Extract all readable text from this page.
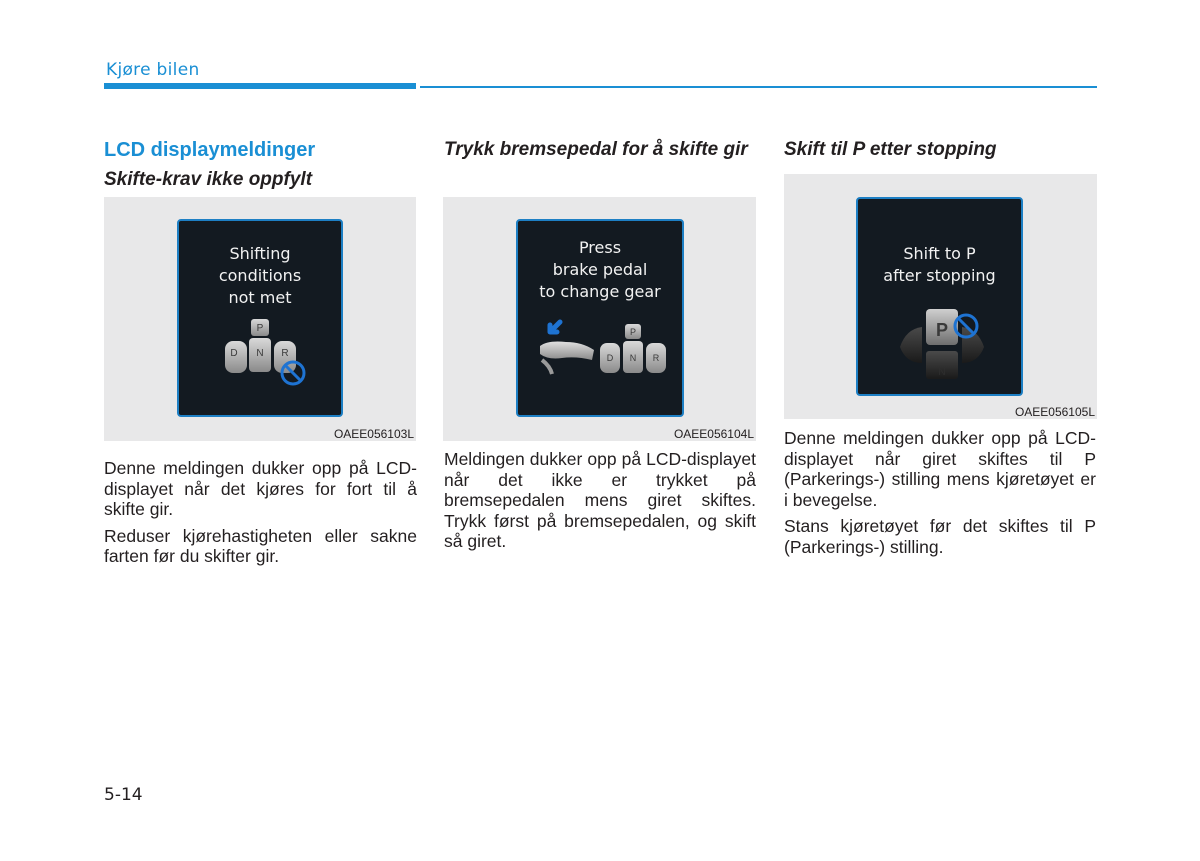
Kjøre bilen
LCD displaymeldinger
Skifte-krav ikke oppfylt
Shifting
conditions
not met
P
D N R
OAEE056103L

Denne meldingen dukker opp på LCD-displayet når det kjøres for fort til å skifte gir.

Reduser kjørehastigheten eller sakne farten før du skifter gir.

Trykk bremsepedal for å skifte gir
Press
brake pedal
to change gear
P
D N R
OAEE056104L

Meldingen dukker opp på LCD-displayet når det ikke er trykket på bremsepedalen mens giret skiftes. Trykk først på bremsepedalen, og skift så giret.

Skift til P etter stopping
Shift to P
after stopping
P
N
OAEE056105L

Denne meldingen dukker opp på LCD-displayet når giret skiftes til P (Parkerings-) stilling mens kjøretøyet er i bevegelse.

Stans kjøretøyet før det skiftes til P (Parkerings-) stilling.

5-14
